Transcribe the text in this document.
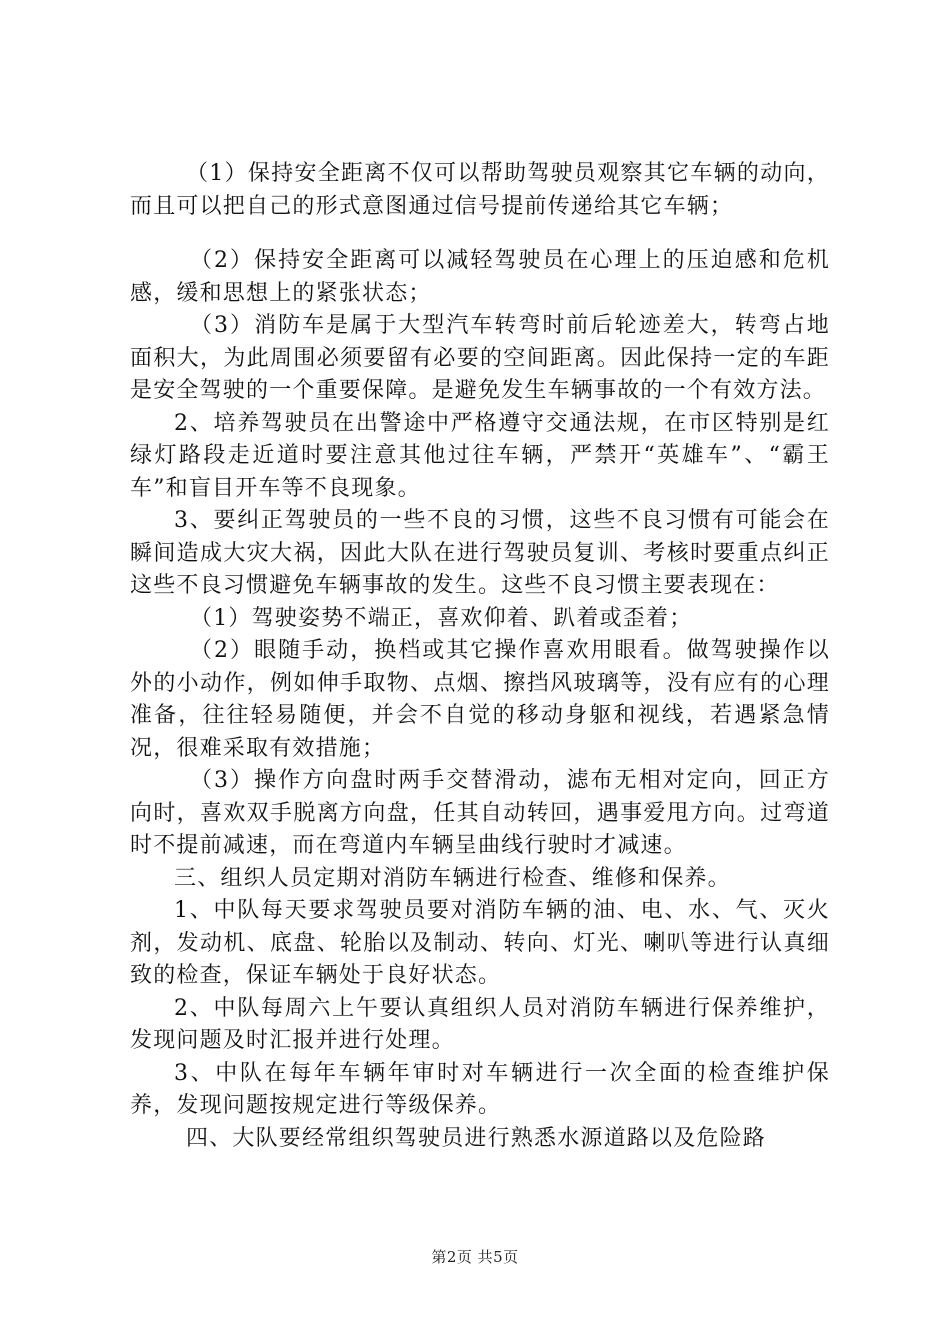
（1）保持安全距离不仅可以帮助驾驶员观察其它车辆的动向，而且可以把自己的形式意图通过信号提前传递给其它车辆；

（2）保持安全距离可以减轻驾驶员在心理上的压迫感和危机感，缓和思想上的紧张状态；

（3）消防车是属于大型汽车转弯时前后轮迹差大，转弯占地面积大，为此周围必须要留有必要的空间距离。因此保持一定的车距是安全驾驶的一个重要保障。是避免发生车辆事故的一个有效方法。

2、培养驾驶员在出警途中严格遵守交通法规，在市区特别是红绿灯路段走近道时要注意其他过往车辆，严禁开“英雄车”、“霸王车”和盲目开车等不良现象。

3、要纠正驾驶员的一些不良的习惯，这些不良习惯有可能会在瞬间造成大灾大祸，因此大队在进行驾驶员复训、考核时要重点纠正这些不良习惯避免车辆事故的发生。这些不良习惯主要表现在：

（1）驾驶姿势不端正，喜欢仰着、趴着或歪着；

（2）眼随手动，换档或其它操作喜欢用眼看。做驾驶操作以外的小动作，例如伸手取物、点烟、擦挡风玻璃等，没有应有的心理准备，往往轻易随便，并会不自觉的移动身躯和视线，若遇紧急情况，很难采取有效措施；

（3）操作方向盘时两手交替滑动，滤布无相对定向，回正方向时，喜欢双手脱离方向盘，任其自动转回，遇事爱甩方向。过弯道时不提前减速，而在弯道内车辆呈曲线行驶时才减速。

三、组织人员定期对消防车辆进行检查、维修和保养。

1、中队每天要求驾驶员要对消防车辆的油、电、水、气、灭火剂，发动机、底盘、轮胎以及制动、转向、灯光、喇叭等进行认真细致的检查，保证车辆处于良好状态。

2、中队每周六上午要认真组织人员对消防车辆进行保养维护，发现问题及时汇报并进行处理。

3、中队在每年车辆年审时对车辆进行一次全面的检查维护保养，发现问题按规定进行等级保养。

四、大队要经常组织驾驶员进行熟悉水源道路以及危险路

第2页 共5页
